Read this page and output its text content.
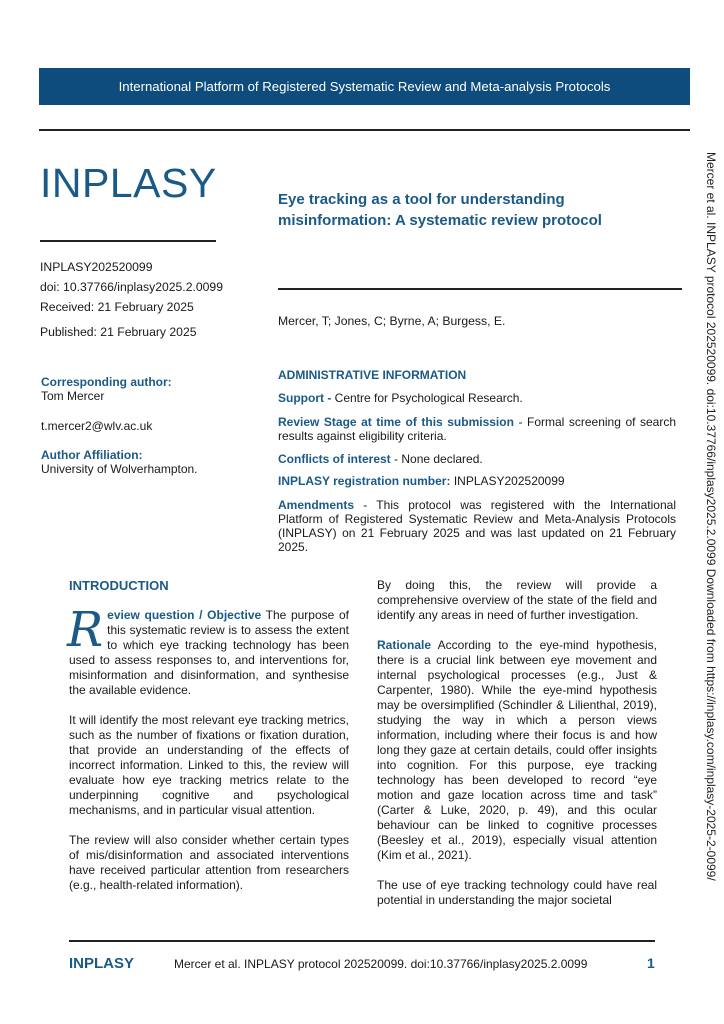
International Platform of Registered Systematic Review and Meta-analysis Protocols
INPLASY
INPLASY202520099
doi: 10.37766/inplasy2025.2.0099
Received: 21 February 2025
Published: 21 February 2025
Eye tracking as a tool for understanding misinformation: A systematic review protocol
Mercer, T; Jones, C; Byrne, A; Burgess, E.
Corresponding author:
Tom Mercer
t.mercer2@wlv.ac.uk
Author Affiliation:
University of Wolverhampton.
ADMINISTRATIVE INFORMATION
Support - Centre for Psychological Research.
Review Stage at time of this submission - Formal screening of search results against eligibility criteria.
Conflicts of interest - None declared.
INPLASY registration number: INPLASY202520099
Amendments - This protocol was registered with the International Platform of Registered Systematic Review and Meta-Analysis Protocols (INPLASY) on 21 February 2025 and was last updated on 21 February 2025.
INTRODUCTION

Review question / Objective The purpose of this systematic review is to assess the extent to which eye tracking technology has been used to assess responses to, and interventions for, misinformation and disinformation, and synthesise the available evidence.

It will identify the most relevant eye tracking metrics, such as the number of fixations or fixation duration, that provide an understanding of the effects of incorrect information. Linked to this, the review will evaluate how eye tracking metrics relate to the underpinning cognitive and psychological mechanisms, and in particular visual attention.

The review will also consider whether certain types of mis/disinformation and associated interventions have received particular attention from researchers (e.g., health-related information).

By doing this, the review will provide a comprehensive overview of the state of the field and identify any areas in need of further investigation.

Rationale According to the eye-mind hypothesis, there is a crucial link between eye movement and internal psychological processes (e.g., Just & Carpenter, 1980). While the eye-mind hypothesis may be oversimplified (Schindler & Lilienthal, 2019), studying the way in which a person views information, including where their focus is and how long they gaze at certain details, could offer insights into cognition. For this purpose, eye tracking technology has been developed to record “eye motion and gaze location across time and task” (Carter & Luke, 2020, p. 49), and this ocular behaviour can be linked to cognitive processes (Beesley et al., 2019), especially visual attention (Kim et al., 2021).

The use of eye tracking technology could have real potential in understanding the major societal

Mercer et al. INPLASY protocol 202520099. doi:10.37766/inplasy2025.2.0099 Downloaded from https://inplasy.com/inplasy-2025-2-0099/
INPLASY	Mercer et al. INPLASY protocol 202520099. doi:10.37766/inplasy2025.2.0099	1
